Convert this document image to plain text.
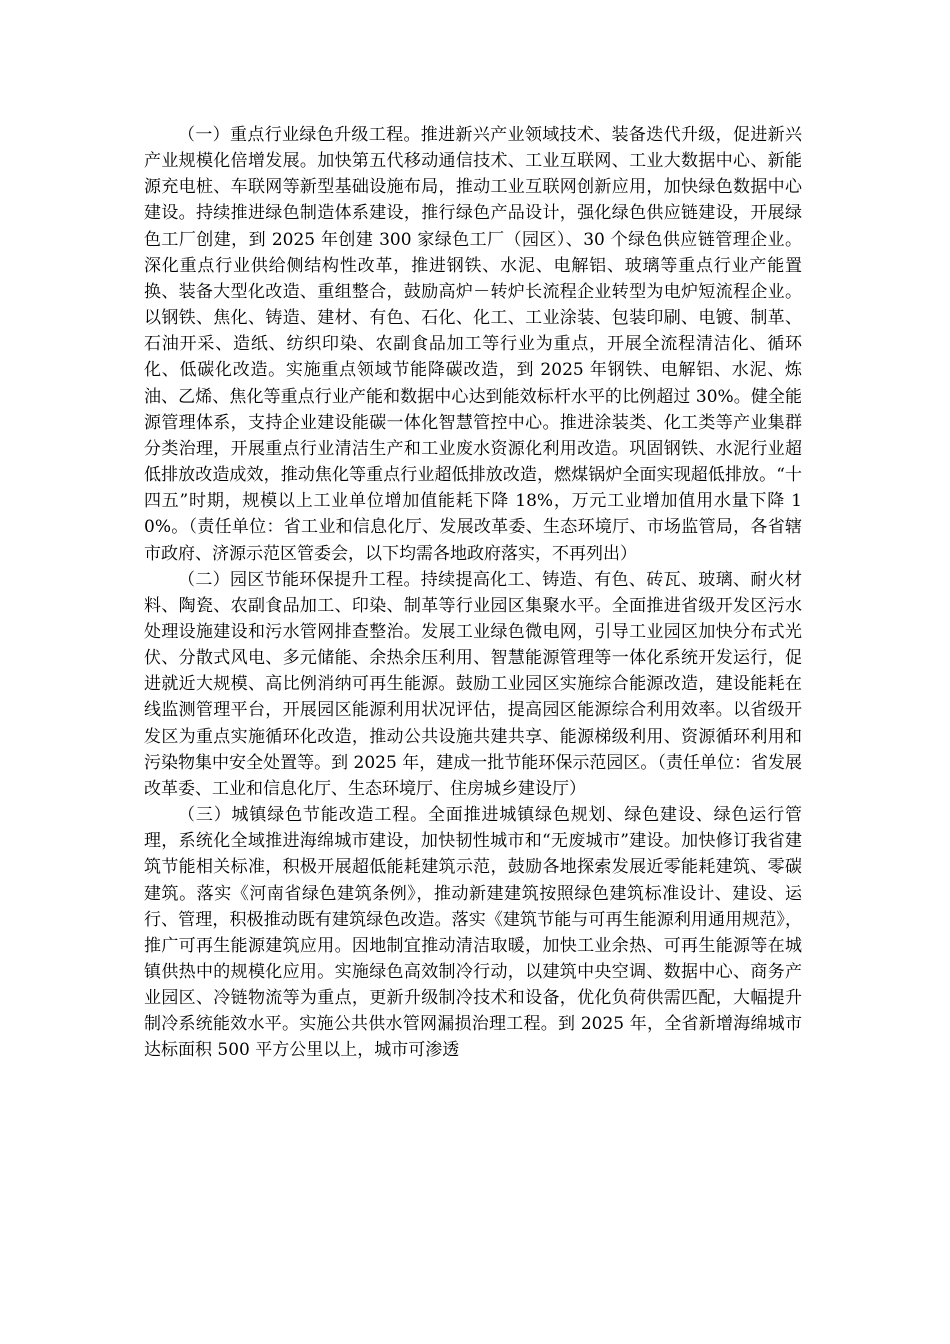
（一）重点行业绿色升级工程。推进新兴产业领域技术、装备迭代升级，促进新兴产业规模化倍增发展。加快第五代移动通信技术、工业互联网、工业大数据中心、新能源充电桩、车联网等新型基础设施布局，推动工业互联网创新应用，加快绿色数据中心建设。持续推进绿色制造体系建设，推行绿色产品设计，强化绿色供应链建设，开展绿色工厂创建，到 2025 年创建 300 家绿色工厂（园区）、30 个绿色供应链管理企业。深化重点行业供给侧结构性改革，推进钢铁、水泥、电解铝、玻璃等重点行业产能置换、装备大型化改造、重组整合，鼓励高炉－转炉长流程企业转型为电炉短流程企业。以钢铁、焦化、铸造、建材、有色、石化、化工、工业涂装、包装印刷、电镀、制革、石油开采、造纸、纺织印染、农副食品加工等行业为重点，开展全流程清洁化、循环化、低碳化改造。实施重点领域节能降碳改造，到 2025 年钢铁、电解铝、水泥、炼油、乙烯、焦化等重点行业产能和数据中心达到能效标杆水平的比例超过 30%。健全能源管理体系，支持企业建设能碳一体化智慧管控中心。推进涂装类、化工类等产业集群分类治理，开展重点行业清洁生产和工业废水资源化利用改造。巩固钢铁、水泥行业超低排放改造成效，推动焦化等重点行业超低排放改造，燃煤锅炉全面实现超低排放。“十四五”时期，规模以上工业单位增加值能耗下降 18%，万元工业增加值用水量下降 10%。（责任单位：省工业和信息化厅、发展改革委、生态环境厅、市场监管局，各省辖市政府、济源示范区管委会，以下均需各地政府落实，不再列出）

（二）园区节能环保提升工程。持续提高化工、铸造、有色、砖瓦、玻璃、耐火材料、陶瓷、农副食品加工、印染、制革等行业园区集聚水平。全面推进省级开发区污水处理设施建设和污水管网排查整治。发展工业绿色微电网，引导工业园区加快分布式光伏、分散式风电、多元储能、余热余压利用、智慧能源管理等一体化系统开发运行，促进就近大规模、高比例消纳可再生能源。鼓励工业园区实施综合能源改造，建设能耗在线监测管理平台，开展园区能源利用状况评估，提高园区能源综合利用效率。以省级开发区为重点实施循环化改造，推动公共设施共建共享、能源梯级利用、资源循环利用和污染物集中安全处置等。到 2025 年，建成一批节能环保示范园区。（责任单位：省发展改革委、工业和信息化厅、生态环境厅、住房城乡建设厅）

（三）城镇绿色节能改造工程。全面推进城镇绿色规划、绿色建设、绿色运行管理，系统化全域推进海绵城市建设，加快韧性城市和“无废城市”建设。加快修订我省建筑节能相关标准，积极开展超低能耗建筑示范，鼓励各地探索发展近零能耗建筑、零碳建筑。落实《河南省绿色建筑条例》，推动新建建筑按照绿色建筑标准设计、建设、运行、管理，积极推动既有建筑绿色改造。落实《建筑节能与可再生能源利用通用规范》，推广可再生能源建筑应用。因地制宜推动清洁取暖，加快工业余热、可再生能源等在城镇供热中的规模化应用。实施绿色高效制冷行动，以建筑中央空调、数据中心、商务产业园区、冷链物流等为重点，更新升级制冷技术和设备，优化负荷供需匹配，大幅提升制冷系统能效水平。实施公共供水管网漏损治理工程。到 2025 年，全省新增海绵城市达标面积 500 平方公里以上，城市可渗透
